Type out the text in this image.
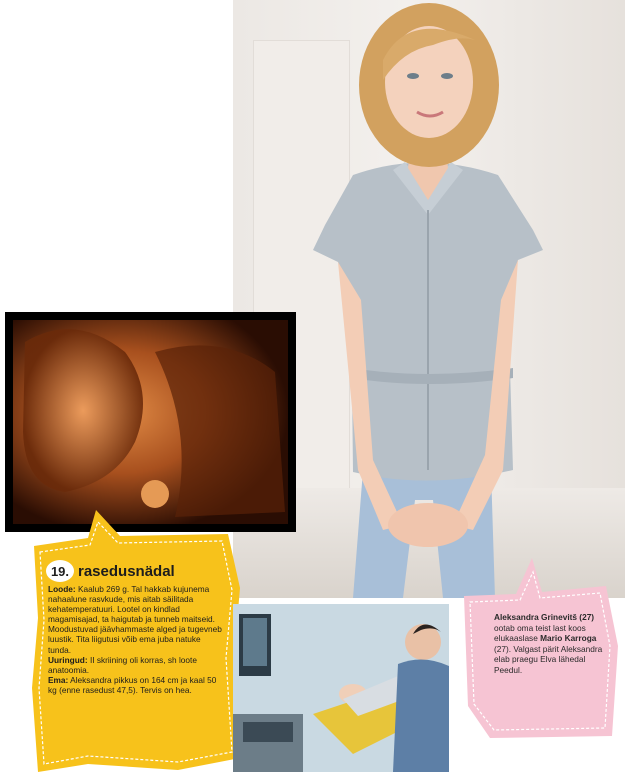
19. rasedusnädal
Loode: Kaalub 269 g. Tal hakkab kujunema nahaalune rasvkude, mis aitab säilitada kehatemperatuuri. Lootel on kindlad magamisajad, ta haigutab ja tunneb maitseid. Moodustuvad jäävhammaste alged ja tugevneb luustik. Tita liigutusi võib ema juba natuke tunda.
Uuringud: II skriining oli korras, sh loote anatoomia.
Ema: Aleksandra pikkus on 164 cm ja kaal 50 kg (enne rasedust 47,5). Tervis on hea.
Aleksandra Grinevitš (27)
ootab oma teist last koos elukaaslase Mario Karroga (27). Valgast pärit Aleksandra elab praegu Elva lähedal Peedul.
